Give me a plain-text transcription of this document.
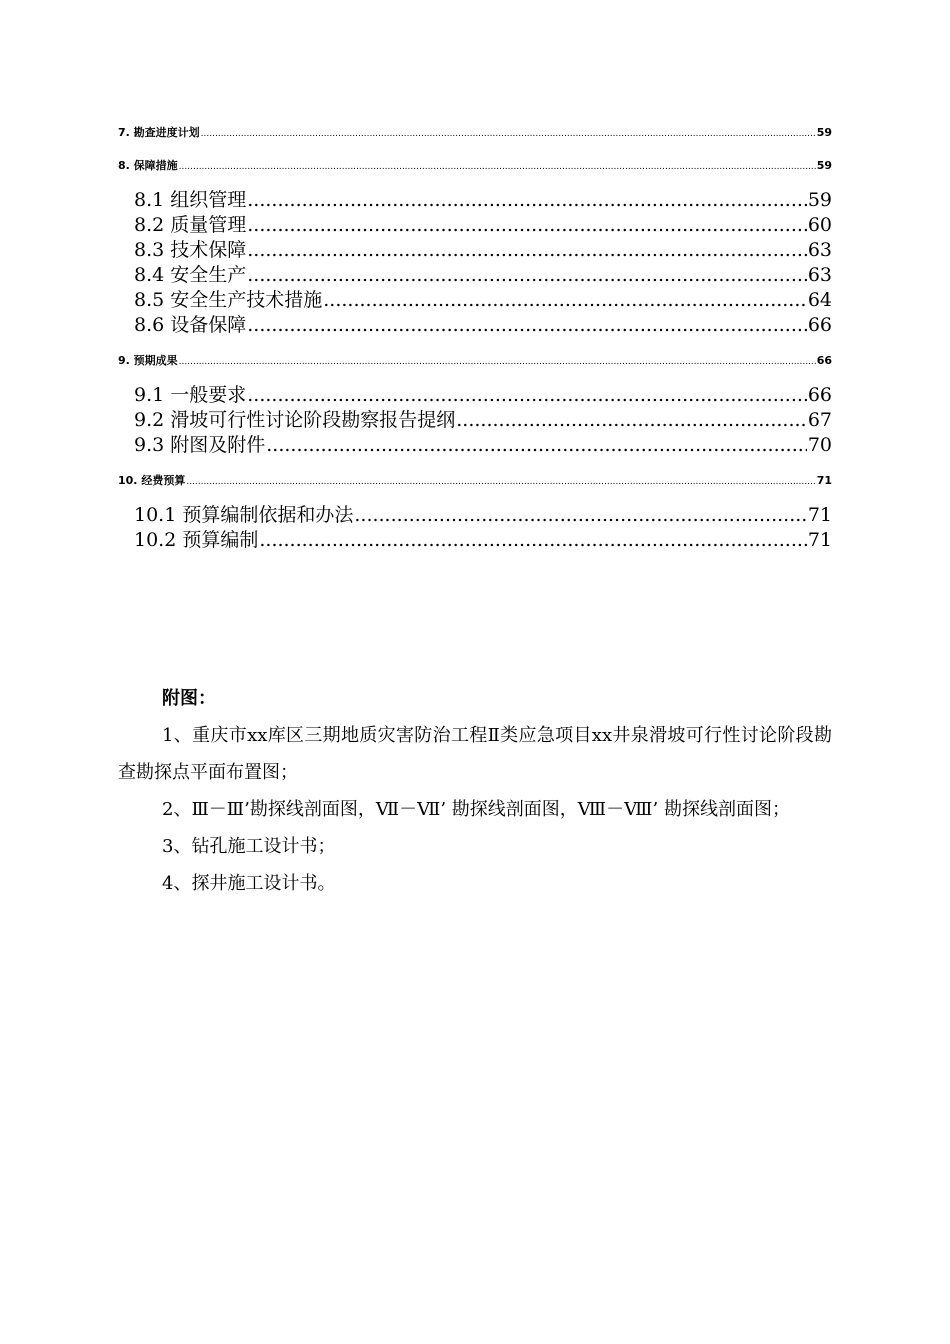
7. 勘查进度计划 .....	59
8. 保障措施 .....	59
8.1 组织管理 .....	59
8.2 质量管理 .....	60
8.3 技术保障 .....	63
8.4 安全生产 .....	63
8.5 安全生产技术措施 .....	64
8.6 设备保障 .....	66
9. 预期成果 .....	66
9.1 一般要求 .....	66
9.2 滑坡可行性讨论阶段勘察报告提纲 .....	67
9.3 附图及附件 .....	70
10. 经费预算 .....	71
10.1 预算编制依据和办法 .....	71
10.2 预算编制 .....	71
附图：
1、重庆市xx库区三期地质灾害防治工程Ⅱ类应急项目xx井泉滑坡可行性讨论阶段勘查勘探点平面布置图；
2、Ⅲ－Ⅲ’勘探线剖面图，Ⅶ－Ⅶ’ 勘探线剖面图，Ⅷ－Ⅷ’ 勘探线剖面图；
3、钻孔施工设计书；
4、探井施工设计书。
